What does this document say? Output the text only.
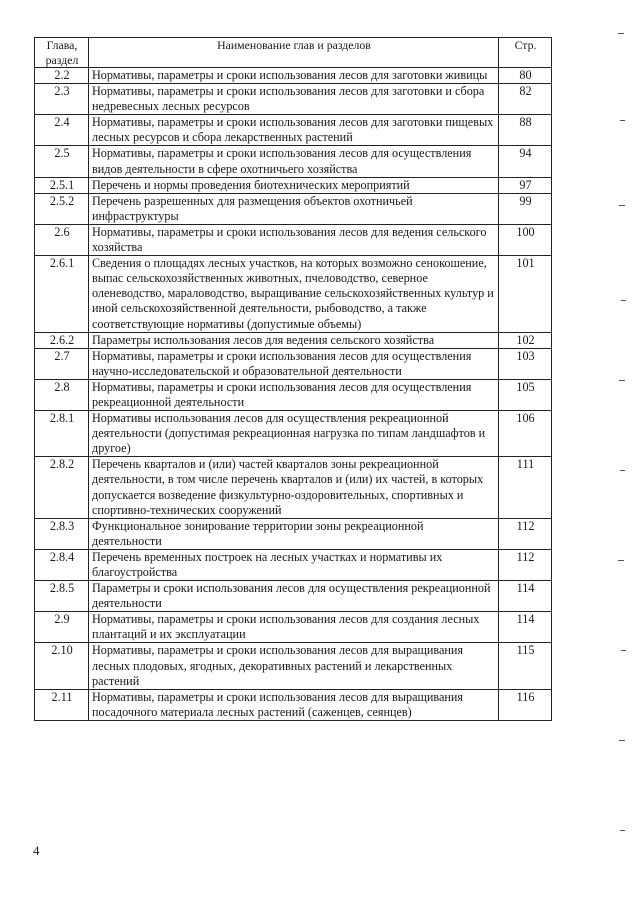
Глава, раздел	Наименование глав и разделов	Стр.
2.2	Нормативы, параметры и сроки использования лесов для заготовки живицы	80
2.3	Нормативы, параметры и сроки использования лесов для заготовки и сбора недревесных лесных ресурсов	82
2.4	Нормативы, параметры и сроки использования лесов для заготовки пищевых лесных ресурсов и сбора лекарственных растений	88
2.5	Нормативы, параметры и сроки использования лесов для осуществления видов деятельности в сфере охотничьего хозяйства	94
2.5.1	Перечень и нормы проведения биотехнических мероприятий	97
2.5.2	Перечень разрешенных для размещения объектов охотничьей инфраструктуры	99
2.6	Нормативы, параметры и сроки использования лесов для ведения сельского хозяйства	100
2.6.1	Сведения о площадях лесных участков, на которых возможно сенокошение, выпас сельскохозяйственных животных, пчеловодство, северное оленеводство, мараловодство, выращивание сельскохозяйственных культур и иной сельскохозяйственной деятельности, рыбоводство, а также соответствующие нормативы (допустимые объемы)	101
2.6.2	Параметры использования лесов для ведения сельского хозяйства	102
2.7	Нормативы, параметры и сроки использования лесов для осуществления научно-исследовательской и образовательной деятельности	103
2.8	Нормативы, параметры и сроки использования лесов для осуществления рекреационной деятельности	105
2.8.1	Нормативы использования лесов для осуществления рекреационной деятельности (допустимая рекреационная нагрузка по типам ландшафтов и другое)	106
2.8.2	Перечень кварталов и (или) частей кварталов зоны рекреационной деятельности, в том числе перечень кварталов и (или) их частей, в которых допускается возведение физкультурно-оздоровительных, спортивных и спортивно-технических сооружений	111
2.8.3	Функциональное зонирование территории зоны рекреационной деятельности	112
2.8.4	Перечень временных построек на лесных участках и нормативы их благоустройства	112
2.8.5	Параметры и сроки использования лесов для осуществления рекреационной деятельности	114
2.9	Нормативы, параметры и сроки использования лесов для создания лесных плантаций и их эксплуатации	114
2.10	Нормативы, параметры и сроки использования лесов для выращивания лесных плодовых, ягодных, декоративных растений и лекарственных растений	115
2.11	Нормативы, параметры и сроки использования лесов для выращивания посадочного материала лесных растений (саженцев, сеянцев)	116
4
